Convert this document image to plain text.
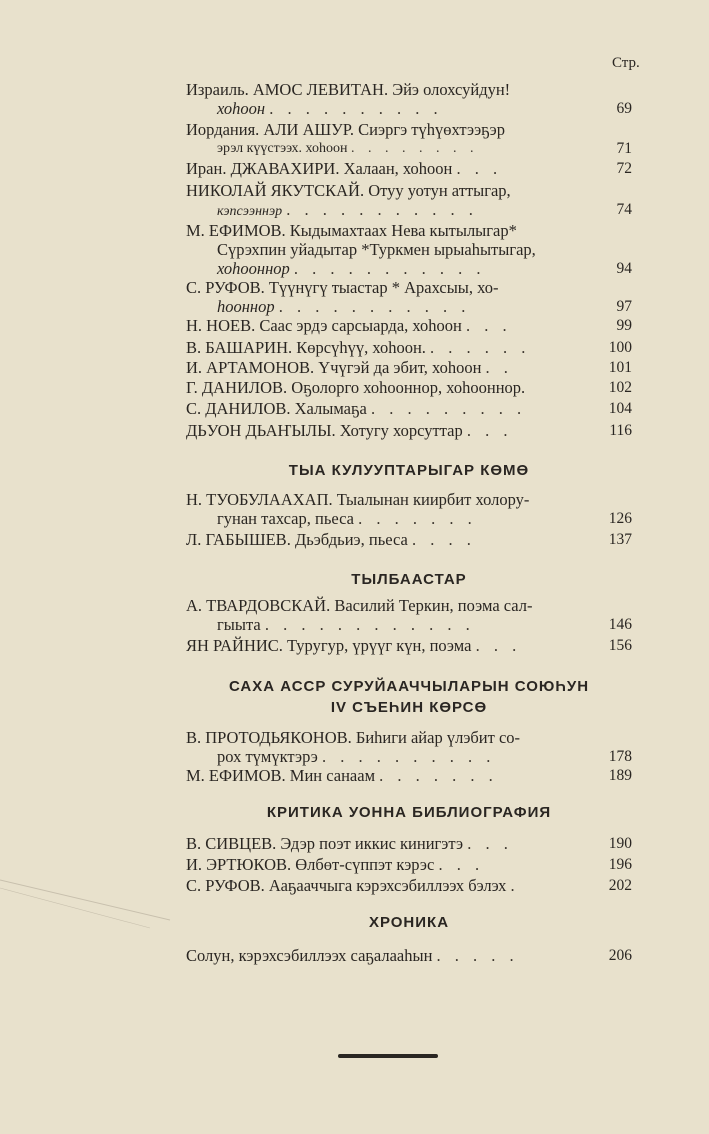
Стр.
Израиль. АМОС ЛЕВИТАН. Эйэ олохсуйдун!
хоhоон . . . . . . . . . .	69
Иордания. АЛИ АШУР. Сиэргэ түhүөхтээҕэр
эрэл күүстээх. хоhоон . . . . . . . .	71
Иран. ДЖАВАХИРИ. Халаан, хоhоон . . .	72
НИКОЛАЙ ЯКУТСКАЙ. Отуу уотун аттыгар,
кэпсээннэр . . . . . . . . . . .	74
М. ЕФИМОВ. Кыдымахтаах Нева кытылыгар*
Сүрэхпин уйадытар *Туркмен ырыаhытыгар,
хоhооннор . . . . . . . . . . .	94
С. РУФОВ. Түүнүгү тыастар * Арахсыы, хо-
hооннор . . . . . . . . . . .	97
Н. НОЕВ. Саас эрдэ сарсыарда, хоhоон . . .	99
В. БАШАРИН. Көрсүhүү, хоhоон. . . . . . .	100
И. АРТАМОНОВ. Үчүгэй да эбит, хоhоон . .	101
Г. ДАНИЛОВ. Оҕолорго хоhооннор, хоhооннор.	102
С. ДАНИЛОВ. Халымаҕа . . . . . . . . .	104
ДЬУОН ДЬАҤЫЛЫ. Хотугу хорсуттар . . .	116
ТЫА КУЛУУПТАРЫГАР КӨМӨ
Н. ТУОБУЛААХАП. Тыалынан киирбит холору-
гунан тахсар, пьеса . . . . . . .	126
Л. ГАБЫШЕВ. Дьэбдьиэ, пьеса . . . .	137
ТЫЛБААСТАР
А. ТВАРДОВСКАЙ. Василий Теркин, поэма сал-
гыыта . . . . . . . . . . . .	146
ЯН РАЙНИС. Туругур, үрүүг күн, поэма . . .	156
САХА АССР СУРУЙААЧЧЫЛАРЫН СОЮҺУН
IV СЪЕҺИН КӨРСӨ
В. ПРОТОДЬЯКОНОВ. Биhиги айар үлэбит со-
рох түмүктэрэ . . . . . . . . . .	178
М. ЕФИМОВ. Мин санаам . . . . . . .	189
КРИТИКА УОННА БИБЛИОГРАФИЯ
В. СИВЦЕВ. Эдэр поэт иккис кинигэтэ . . .	190
И. ЭРТЮКОВ. Өлбөт-сүппэт кэрэс . . .	196
С. РУФОВ. Ааҕааччыга кэрэхсэбиллээх бэлэх .	202
ХРОНИКА
Солун, кэрэхсэбиллээх саҕалааhын . . . . .	206
